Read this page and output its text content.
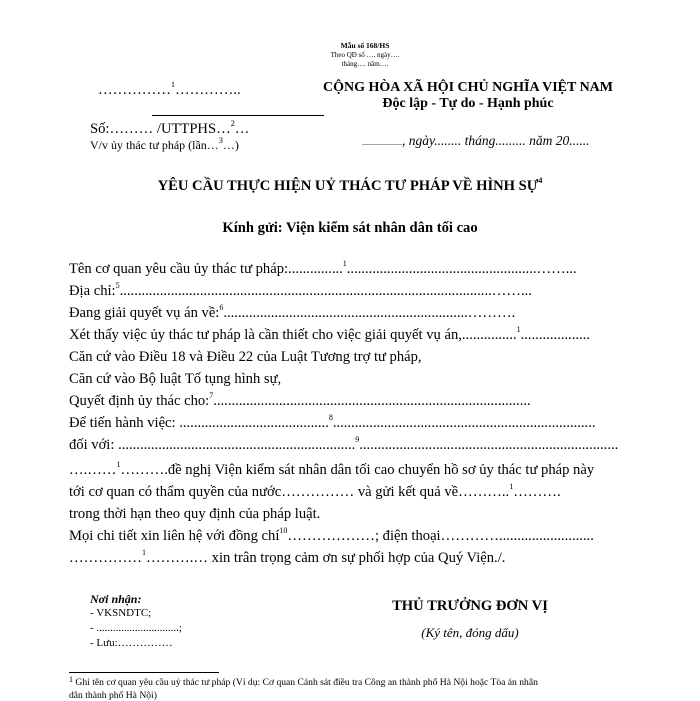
Mẫu số 168/HS
Theo QĐ số …. ngày….
tháng…. năm….
……………$^1$…………..
Số:……… /UTTPHS…$^2$…
V/v ủy thác tư pháp (lần…$^3$…)
CỘNG HÒA XÃ HỘI CHỦ NGHĨA VIỆT NAM
Độc lập - Tự do - Hạnh phúc
...................., ngày........ tháng......... năm 20......
YÊU CẦU THỰC HIỆN UỶ THÁC TƯ PHÁP VỀ HÌNH SỰ$^4$
Kính gửi: Viện kiểm sát nhân dân tối cao
Tên cơ quan yêu cầu ủy thác tư pháp:...............$^1$....................................................……...
Địa chỉ:$^5$......................................................................................................……...
Đang giải quyết vụ án về:$^6$...................................................................……….
Xét thấy việc ủy thác tư pháp là cần thiết cho việc giải quyết vụ án,...............$^1$...................
Căn cứ vào Điều 18 và Điều 22 của Luật Tương trợ tư pháp,
Căn cứ vào Bộ luật Tố tụng hình sự,
Quyết định ủy thác cho:$^7$.......................................................................................
Để tiến hành việc: .........................................$^8$........................................................................
đối với: .................................................................$^9$.......................................................................
….……$^1$……….đề nghị Viện kiểm sát nhân dân tối cao chuyển hồ sơ ủy thác tư pháp này
tới cơ quan có thẩm quyền của nước…………… và gửi kết quả về………..$^1$……….
trong thời hạn theo quy định của pháp luật.
Mọi chi tiết xin liên hệ với đồng chí$^{10}$………………; điện thoại…………..........................
……………$^1$……….… xin trân trọng cảm ơn sự phối hợp của Quý Viện./.
Nơi nhận:
- VKSNDTC;
- ..............................;
- Lưu:……………
THỦ TRƯỞNG ĐƠN VỊ
(Ký tên, đóng dấu)
$^1$ Ghi tên cơ quan yêu cầu uỷ thác tư pháp (Ví dụ: Cơ quan Cảnh sát điều tra Công an thành phố Hà Nội hoặc Tòa án nhân
dân thành phố Hà Nội)
